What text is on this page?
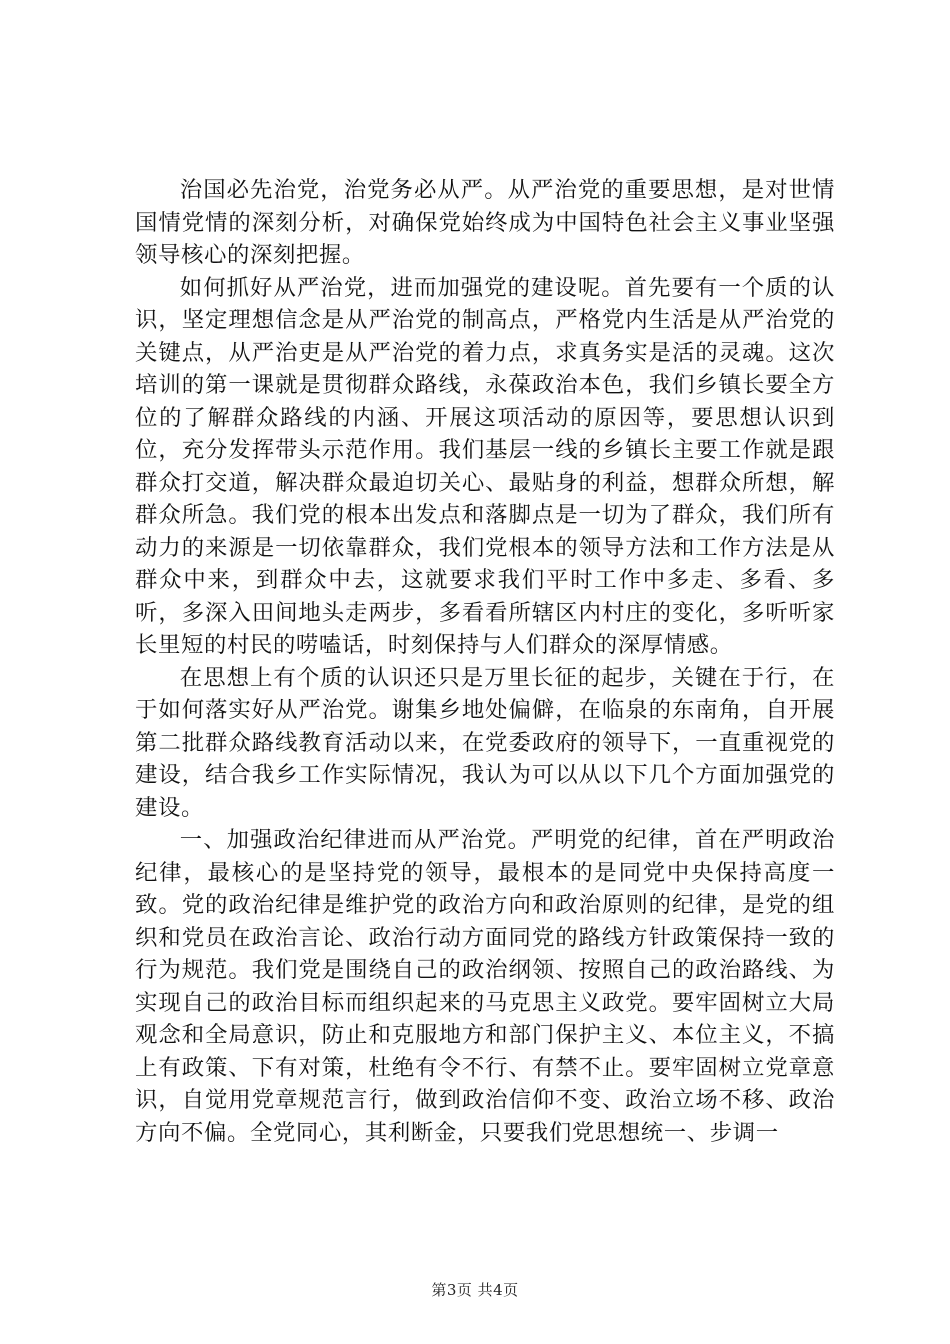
治国必先治党，治党务必从严。从严治党的重要思想，是对世情国情党情的深刻分析，对确保党始终成为中国特色社会主义事业坚强领导核心的深刻把握。

如何抓好从严治党，进而加强党的建设呢。首先要有一个质的认识，坚定理想信念是从严治党的制高点，严格党内生活是从严治党的关键点，从严治吏是从严治党的着力点，求真务实是活的灵魂。这次培训的第一课就是贯彻群众路线，永葆政治本色，我们乡镇长要全方位的了解群众路线的内涵、开展这项活动的原因等，要思想认识到位，充分发挥带头示范作用。我们基层一线的乡镇长主要工作就是跟群众打交道，解决群众最迫切关心、最贴身的利益，想群众所想，解群众所急。我们党的根本出发点和落脚点是一切为了群众，我们所有动力的来源是一切依靠群众，我们党根本的领导方法和工作方法是从群众中来，到群众中去，这就要求我们平时工作中多走、多看、多听，多深入田间地头走两步，多看看所辖区内村庄的变化，多听听家长里短的村民的唠嗑话，时刻保持与人们群众的深厚情感。

在思想上有个质的认识还只是万里长征的起步，关键在于行，在于如何落实好从严治党。谢集乡地处偏僻，在临泉的东南角，自开展第二批群众路线教育活动以来，在党委政府的领导下，一直重视党的建设，结合我乡工作实际情况，我认为可以从以下几个方面加强党的建设。

一、加强政治纪律进而从严治党。严明党的纪律，首在严明政治纪律，最核心的是坚持党的领导，最根本的是同党中央保持高度一致。党的政治纪律是维护党的政治方向和政治原则的纪律，是党的组织和党员在政治言论、政治行动方面同党的路线方针政策保持一致的行为规范。我们党是围绕自己的政治纲领、按照自己的政治路线、为实现自己的政治目标而组织起来的马克思主义政党。要牢固树立大局观念和全局意识，防止和克服地方和部门保护主义、本位主义，不搞上有政策、下有对策，杜绝有令不行、有禁不止。要牢固树立党章意识，自觉用党章规范言行，做到政治信仰不变、政治立场不移、政治方向不偏。全党同心，其利断金，只要我们党思想统一、步调一

第3页 共4页
